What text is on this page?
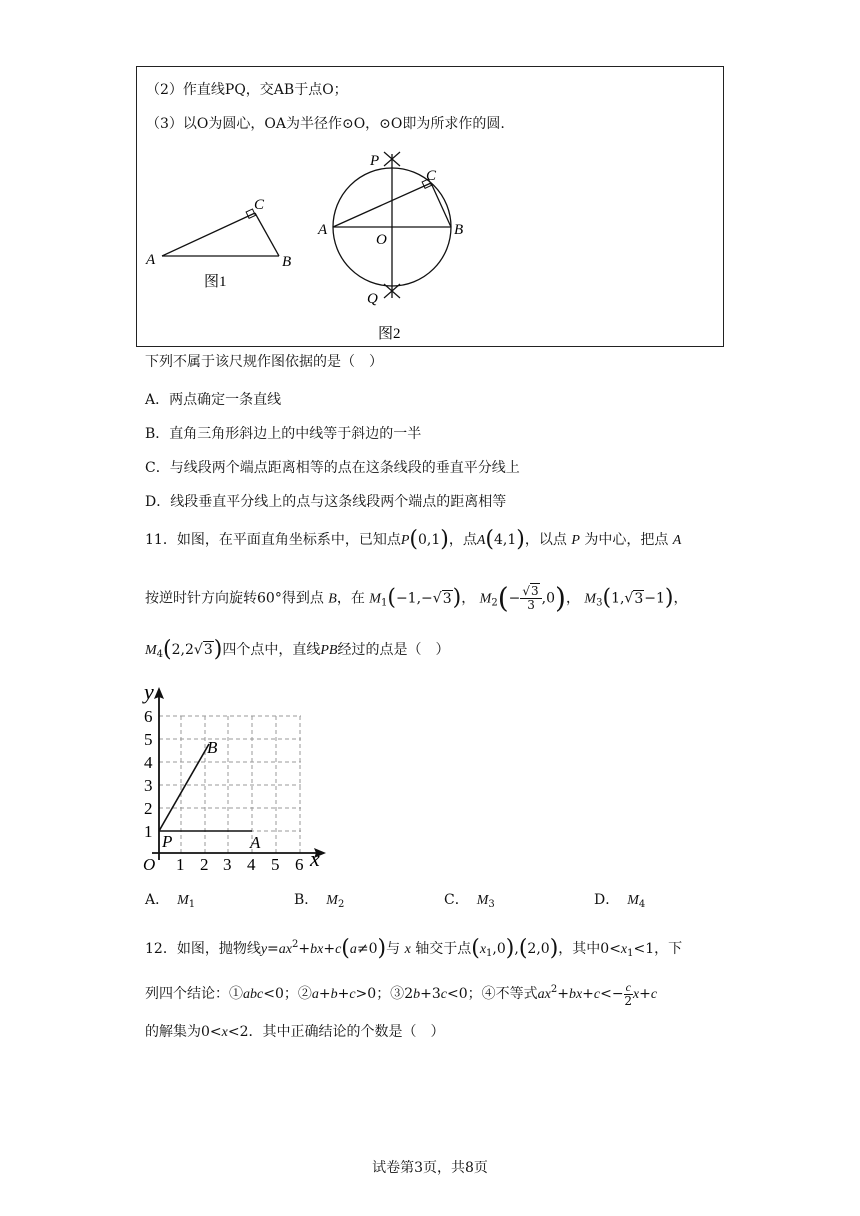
（2）作直线PQ，交AB于点O；
（3）以O为圆心，OA为半径作⊙O，⊙O即为所求作的圆.
A	B
C
图1
P
Q
C
A	B
O
图2
下列不属于该尺规作图依据的是（　）
A．两点确定一条直线
B．直角三角形斜边上的中线等于斜边的一半
C．与线段两个端点距离相等的点在这条线段的垂直平分线上
D．线段垂直平分线上的点与这条线段两个端点的距离相等
11．如图，在平面直角坐标系中，已知点P(0,1)，点A(4,1)，以点 P 为中心，把点 A
按逆时针方向旋转60°得到点 B，在 $M_1(-1,-√3)$， $M_2(- \frac{√3}{3} ,0)$， $M_3(1,√3-1)$，
$M_4(2,2√3)$四个点中，直线PB经过的点是（　）
y
x
O 1 2 3 4 5 6
1
2
3
4
5
6
P	A
B
A． $M_1$	B． $M_2$	C． $M_3$	D． $M_4$
12．如图，抛物线$y=ax^2+bx+c(a\ne 0)$与 x 轴交于点$(x_1,0),(2,0)$，其中$0<x_1<1$，下
列四个结论：①abc<0；②a+b+c>0；③2b+3c<0；④不等式$ax^2+bx+c<- \frac{c}{2} x+c$
的解集为0<x<2．其中正确结论的个数是（　）
试卷第3页，共8页
